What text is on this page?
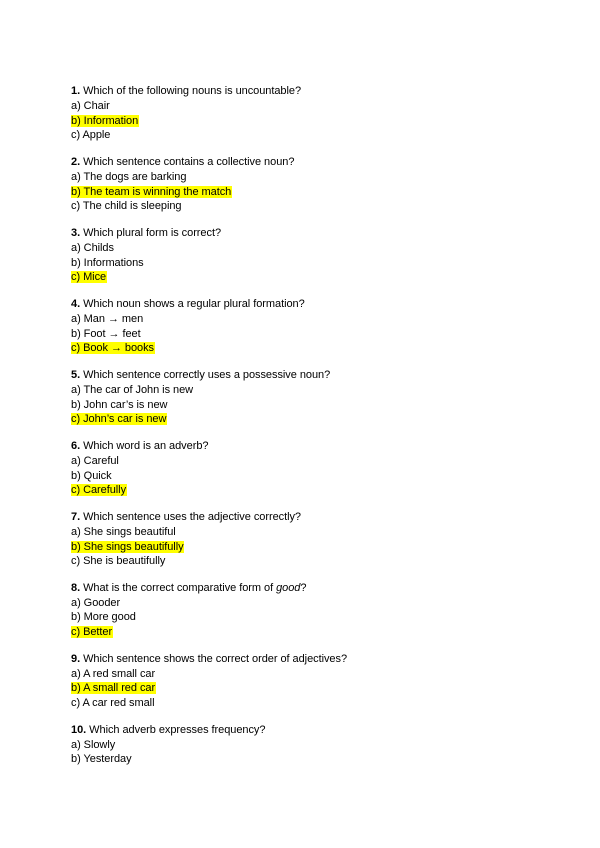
1. Which of the following nouns is uncountable?
a) Chair
b) Information
c) Apple
2. Which sentence contains a collective noun?
a) The dogs are barking
b) The team is winning the match
c) The child is sleeping
3. Which plural form is correct?
a) Childs
b) Informations
c) Mice
4. Which noun shows a regular plural formation?
a) Man → men
b) Foot → feet
c) Book → books
5. Which sentence correctly uses a possessive noun?
a) The car of John is new
b) John car’s is new
c) John’s car is new
6. Which word is an adverb?
a) Careful
b) Quick
c) Carefully
7. Which sentence uses the adjective correctly?
a) She sings beautiful
b) She sings beautifully
c) She is beautifully
8. What is the correct comparative form of good?
a) Gooder
b) More good
c) Better
9. Which sentence shows the correct order of adjectives?
a) A red small car
b) A small red car
c) A car red small
10. Which adverb expresses frequency?
a) Slowly
b) Yesterday
